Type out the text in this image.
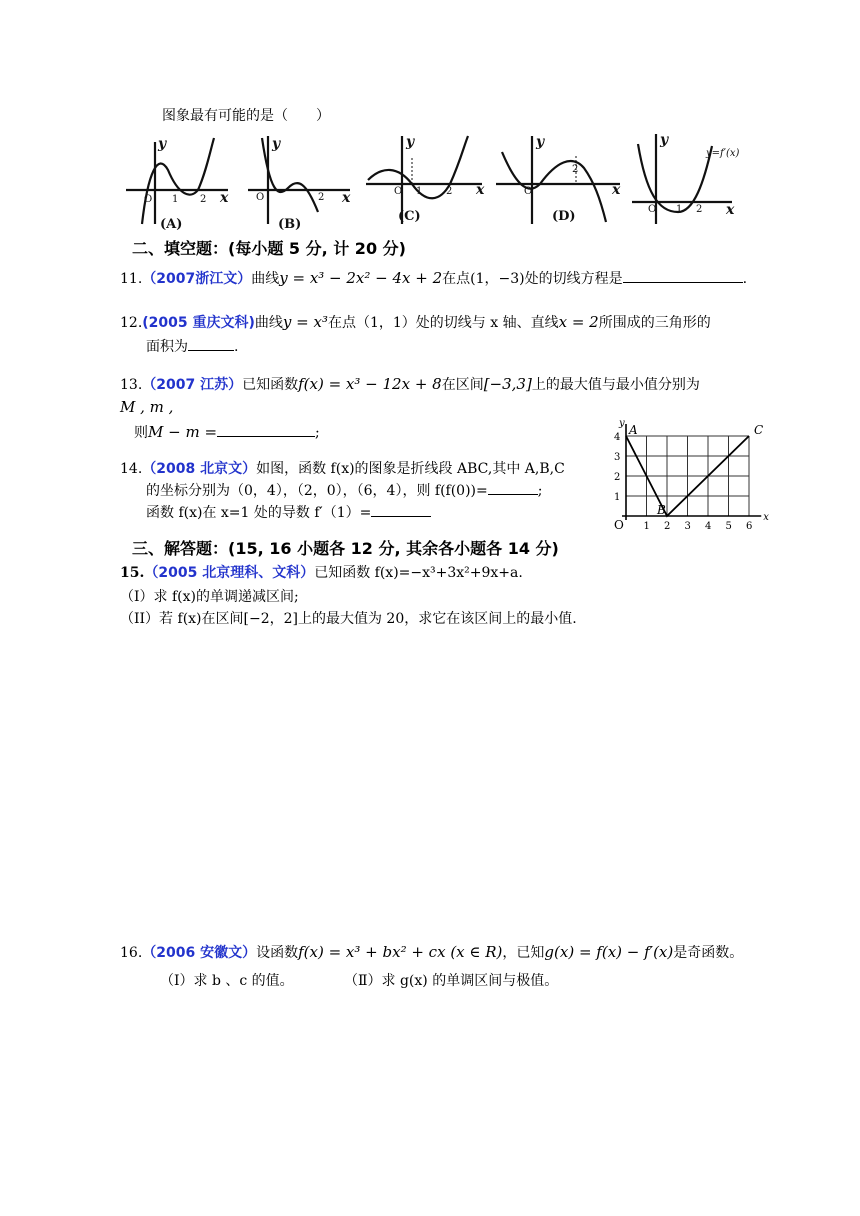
图象最有可能的是（　　）
y
x
y
x
y
x
y
x
y
x
O 1 2	O	2
O 1 2	O
2
O 1 2
y=f′(x)
(A)	(B)
(C)	(D)
二、填空题：(每小题 5 分, 计 20 分)
11.（2007浙江文）曲线y = x³ − 2x² − 4x + 2在点(1，−3)处的切线方程是	.
12.(2005 重庆文科)曲线y = x³在点（1，1）处的切线与 x 轴、直线x = 2所围成的三角形的
面积为	.
13.（2007 江苏）已知函数f(x) = x³ − 12x + 8在区间[−3,3]上的最大值与最小值分别为
M , m ,
则M − m =	;
14.（2008 北京文）如图，函数 f(x)的图象是折线段 ABC,其中 A,B,C
的坐标分别为（0，4），（2，0），（6，4），则 f(f(0))=	;
函数 f(x)在 x=1 处的导数 f′（1）=	x
y
O 1 2 3 4 5 6
1
2
3
4
A
B
C
三、解答题：(15, 16 小题各 12 分, 其余各小题各 14 分)
15.（2005 北京理科、文科）已知函数 f(x)=−x³+3x²+9x+a.
（I）求 f(x)的单调递减区间;
（II）若 f(x)在区间[−2，2]上的最大值为 20，求它在该区间上的最小值.
16.（2006 安徽文）设函数f(x) = x³ + bx² + cx (x ∈ R)，已知g(x) = f(x) − f′(x)是奇函数。
（Ⅰ）求 b 、c 的值。	（Ⅱ）求 g(x) 的单调区间与极值。
